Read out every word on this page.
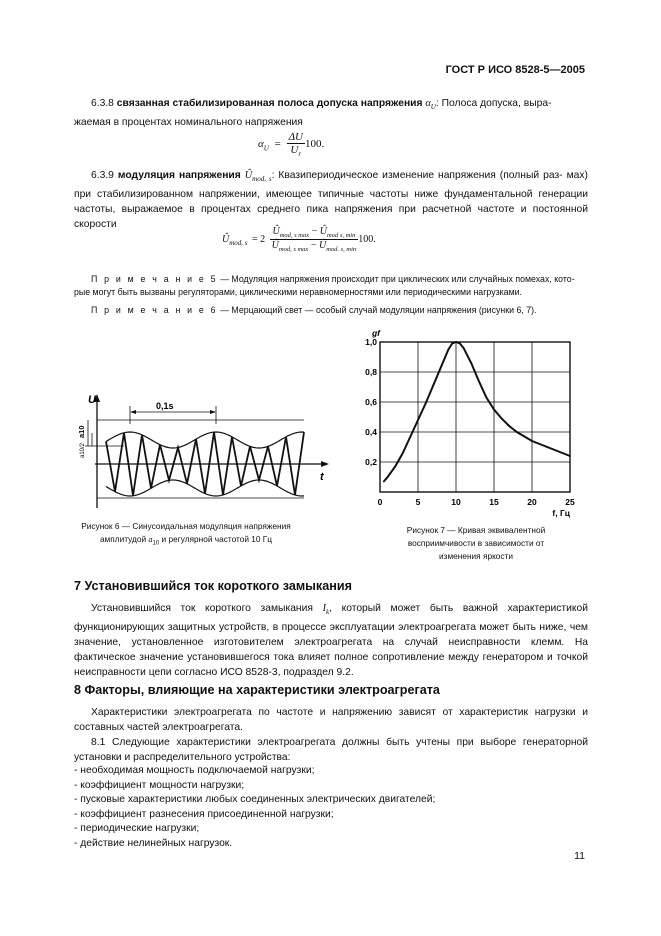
ГОСТ Р ИСО 8528-5—2005
6.3.8 связанная стабилизированная полоса допуска напряжения $\alpha_U$: Полоса допуска, выра-
жаемая в процентах номинального напряжения
$\alpha_U = \frac{\Delta U}{U_r} 100$.
6.3.9 модуляция напряжения $Û_{mod, s}$: Квазипериодическое изменение напряжения (полный раз- мах) при стабилизированном напряжении, имеющее типичные частоты ниже фундаментальной генерации частоты, выражаемое в процентах среднего пика напряжения при расчетной частоте и постоянной скорости
$Û_{mod. s} = 2 \frac{Û_{mod, s max} - Û_{mod s, min}}{Û_{mod, s max} - Û_{mod. s, min}} 100$.
П р и м е ч а н и е 5 — Модуляция напряжения происходит при циклических или случайных помехах, кото-
рые могут быть вызваны регуляторами, циклическими неравномерностями или периодическими нагрузками.
П р и м е ч а н и е 6 — Мерцающий свет — особый случай модуляции напряжения (рисунки 6, 7).
U
t
0,1s
a10
a10/2
Рисунок 6 — Синусоидальная модуляция напряжения
амплитудой $a_{10}$ и регулярной частотой 10 Гц
0	5	10	15	20	25
0,2
0,4
0,6
0,8
1,0
gf
f, Гц
Рисунок 7 — Кривая эквивалентной
восприимчивости в зависимости от
изменения яркости
7 Установившийся ток короткого замыкания
Установившийся ток короткого замыкания $I_k$, который может быть важной характеристикой функционирующих защитных устройств, в процессе эксплуатации электроагрегата может быть ниже, чем значение, установленное изготовителем электроагрегата на случай неисправности клемм. На фактическое значение установившегося тока влияет полное сопротивление между генератором и точкой неисправности цепи согласно ИСО 8528-3, подраздел 9.2.
8 Факторы, влияющие на характеристики электроагрегата
Характеристики электроагрегата по частоте и напряжению зависят от характеристик нагрузки и составных частей электроагрегата.
8.1 Следующие характеристики электроагрегата должны быть учтены при выборе генераторной установки и распределительного устройства:
- необходимая мощность подключаемой нагрузки;
- коэффициент мощности нагрузки;
- пусковые характеристики любых соединенных электрических двигателей;
- коэффициент разнесения присоединенной нагрузки;
- периодические нагрузки;
- действие нелинейных нагрузок.
11
